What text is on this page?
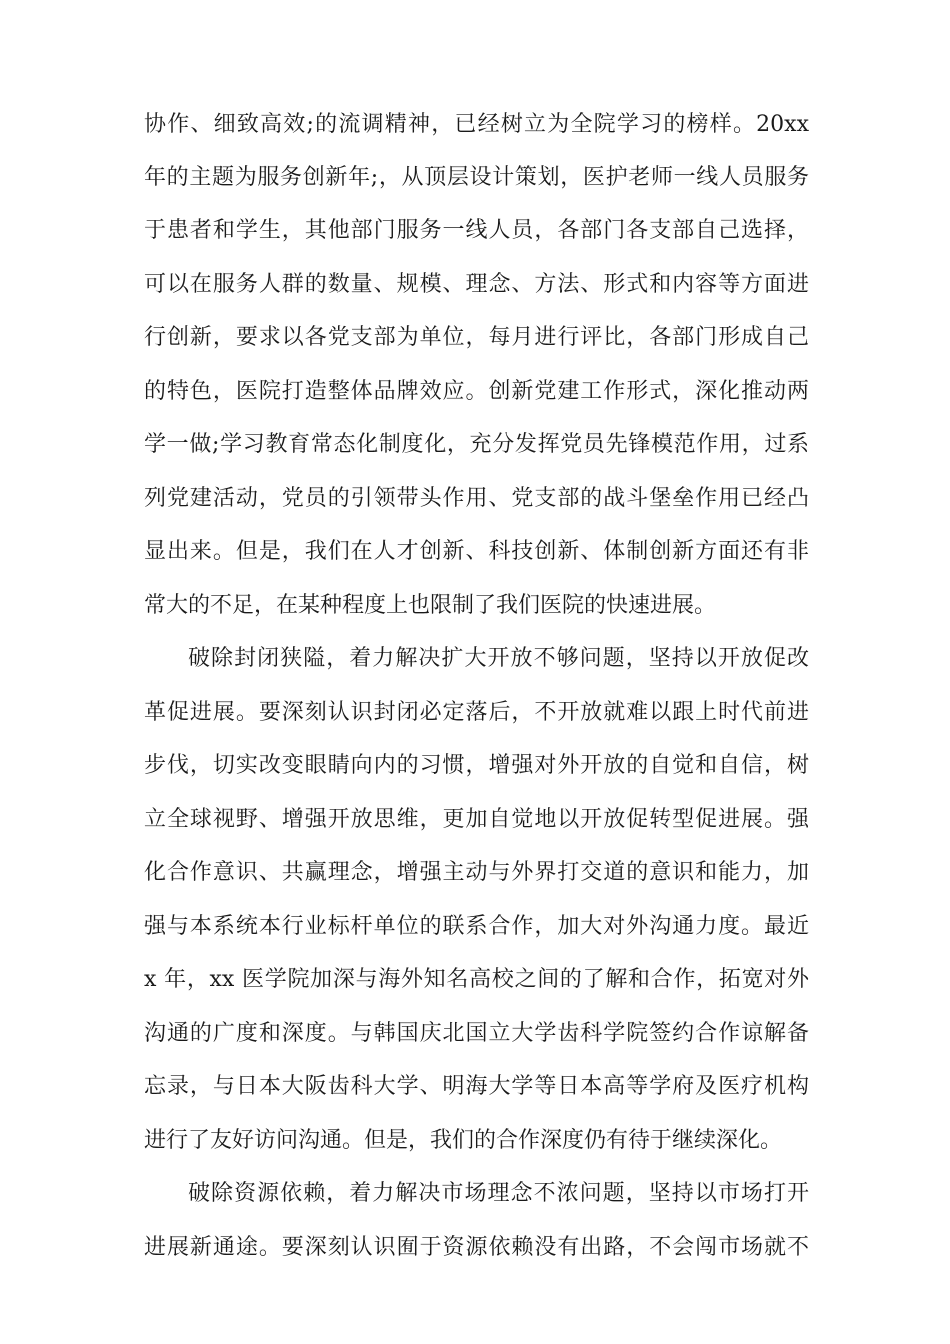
协作、细致高效;的流调精神，已经树立为全院学习的榜样。20xx
年的主题为服务创新年;，从顶层设计策划，医护老师一线人员服务
于患者和学生，其他部门服务一线人员，各部门各支部自己选择，
可以在服务人群的数量、规模、理念、方法、形式和内容等方面进
行创新，要求以各党支部为单位，每月进行评比，各部门形成自己
的特色，医院打造整体品牌效应。创新党建工作形式，深化推动两
学一做;学习教育常态化制度化，充分发挥党员先锋模范作用，过系
列党建活动，党员的引领带头作用、党支部的战斗堡垒作用已经凸
显出来。但是，我们在人才创新、科技创新、体制创新方面还有非
常大的不足，在某种程度上也限制了我们医院的快速进展。
破除封闭狭隘，着力解决扩大开放不够问题，坚持以开放促改
革促进展。要深刻认识封闭必定落后，不开放就难以跟上时代前进
步伐，切实改变眼睛向内的习惯，增强对外开放的自觉和自信，树
立全球视野、增强开放思维，更加自觉地以开放促转型促进展。强
化合作意识、共赢理念，增强主动与外界打交道的意识和能力，加
强与本系统本行业标杆单位的联系合作，加大对外沟通力度。最近
x 年，xx 医学院加深与海外知名高校之间的了解和合作，拓宽对外
沟通的广度和深度。与韩国庆北国立大学齿科学院签约合作谅解备
忘录，与日本大阪齿科大学、明海大学等日本高等学府及医疗机构
进行了友好访问沟通。但是，我们的合作深度仍有待于继续深化。
破除资源依赖，着力解决市场理念不浓问题，坚持以市场打开
进展新通途。要深刻认识囿于资源依赖没有出路，不会闯市场就不
